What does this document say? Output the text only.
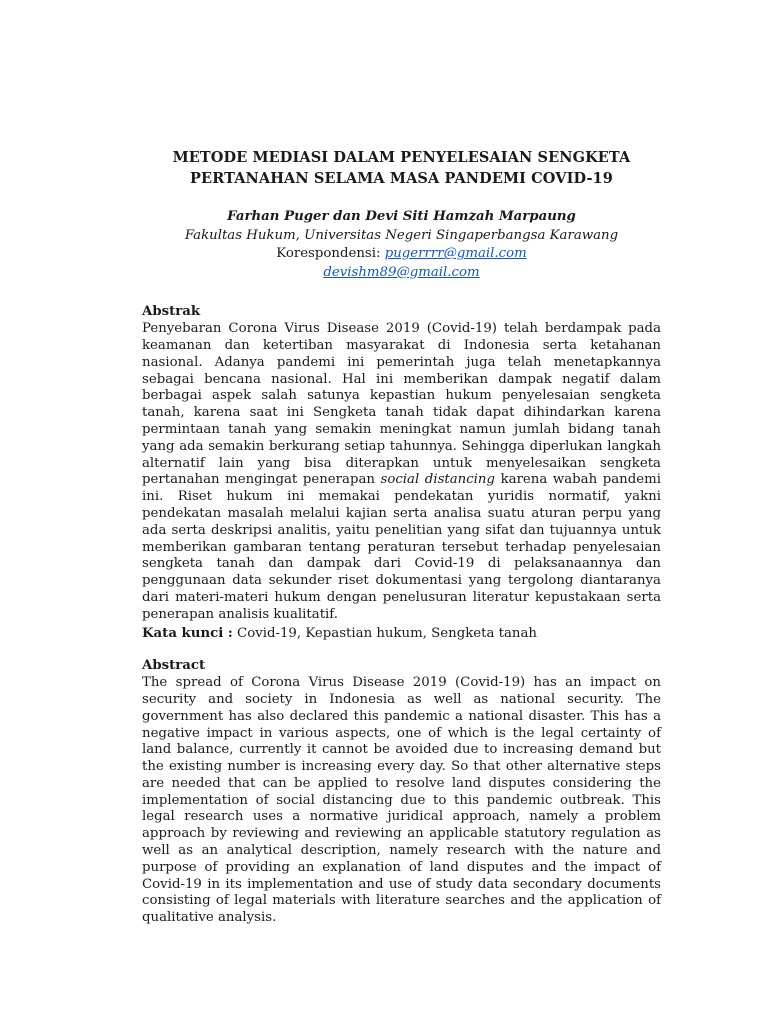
METODE MEDIASI DALAM PENYELESAIAN SENGKETA
PERTANAHAN SELAMA MASA PANDEMI COVID-19
Farhan Puger dan Devi Siti Hamzah Marpaung
Fakultas Hukum, Universitas Negeri Singaperbangsa Karawang
Korespondensi: pugerrrr@gmail.com
devishm89@gmail.com
Abstrak

Penyebaran Corona Virus Disease 2019 (Covid-19) telah berdampak pada keamanan dan ketertiban masyarakat di Indonesia serta ketahanan nasional. Adanya pandemi ini pemerintah juga telah menetapkannya sebagai bencana nasional. Hal ini memberikan dampak negatif dalam berbagai aspek salah satunya kepastian hukum penyelesaian sengketa tanah, karena saat ini Sengketa tanah tidak dapat dihindarkan karena permintaan tanah yang semakin meningkat namun jumlah bidang tanah yang ada semakin berkurang setiap tahunnya. Sehingga diperlukan langkah alternatif lain yang bisa diterapkan untuk menyelesaikan sengketa pertanahan mengingat penerapan social distancing karena wabah pandemi ini. Riset hukum ini memakai pendekatan yuridis normatif, yakni pendekatan masalah melalui kajian serta analisa suatu aturan perpu yang ada serta deskripsi analitis, yaitu penelitian yang sifat dan tujuannya untuk memberikan gambaran tentang peraturan tersebut terhadap penyelesaian sengketa tanah dan dampak dari Covid-19 di pelaksanaannya dan penggunaan data sekunder riset dokumentasi yang tergolong diantaranya dari materi-materi hukum dengan penelusuran literatur kepustakaan serta penerapan analisis kualitatif.

Kata kunci : Covid-19, Kepastian hukum, Sengketa tanah
Abstract

The spread of Corona Virus Disease 2019 (Covid-19) has an impact on security and society in Indonesia as well as national security. The government has also declared this pandemic a national disaster. This has a negative impact in various aspects, one of which is the legal certainty of land balance, currently it cannot be avoided due to increasing demand but the existing number is increasing every day. So that other alternative steps are needed that can be applied to resolve land disputes considering the implementation of social distancing due to this pandemic outbreak. This legal research uses a normative juridical approach, namely a problem approach by reviewing and reviewing an applicable statutory regulation as well as an analytical description, namely research with the nature and purpose of providing an explanation of land disputes and the impact of Covid-19 in its implementation and use of study data secondary documents consisting of legal materials with literature searches and the application of qualitative analysis.
